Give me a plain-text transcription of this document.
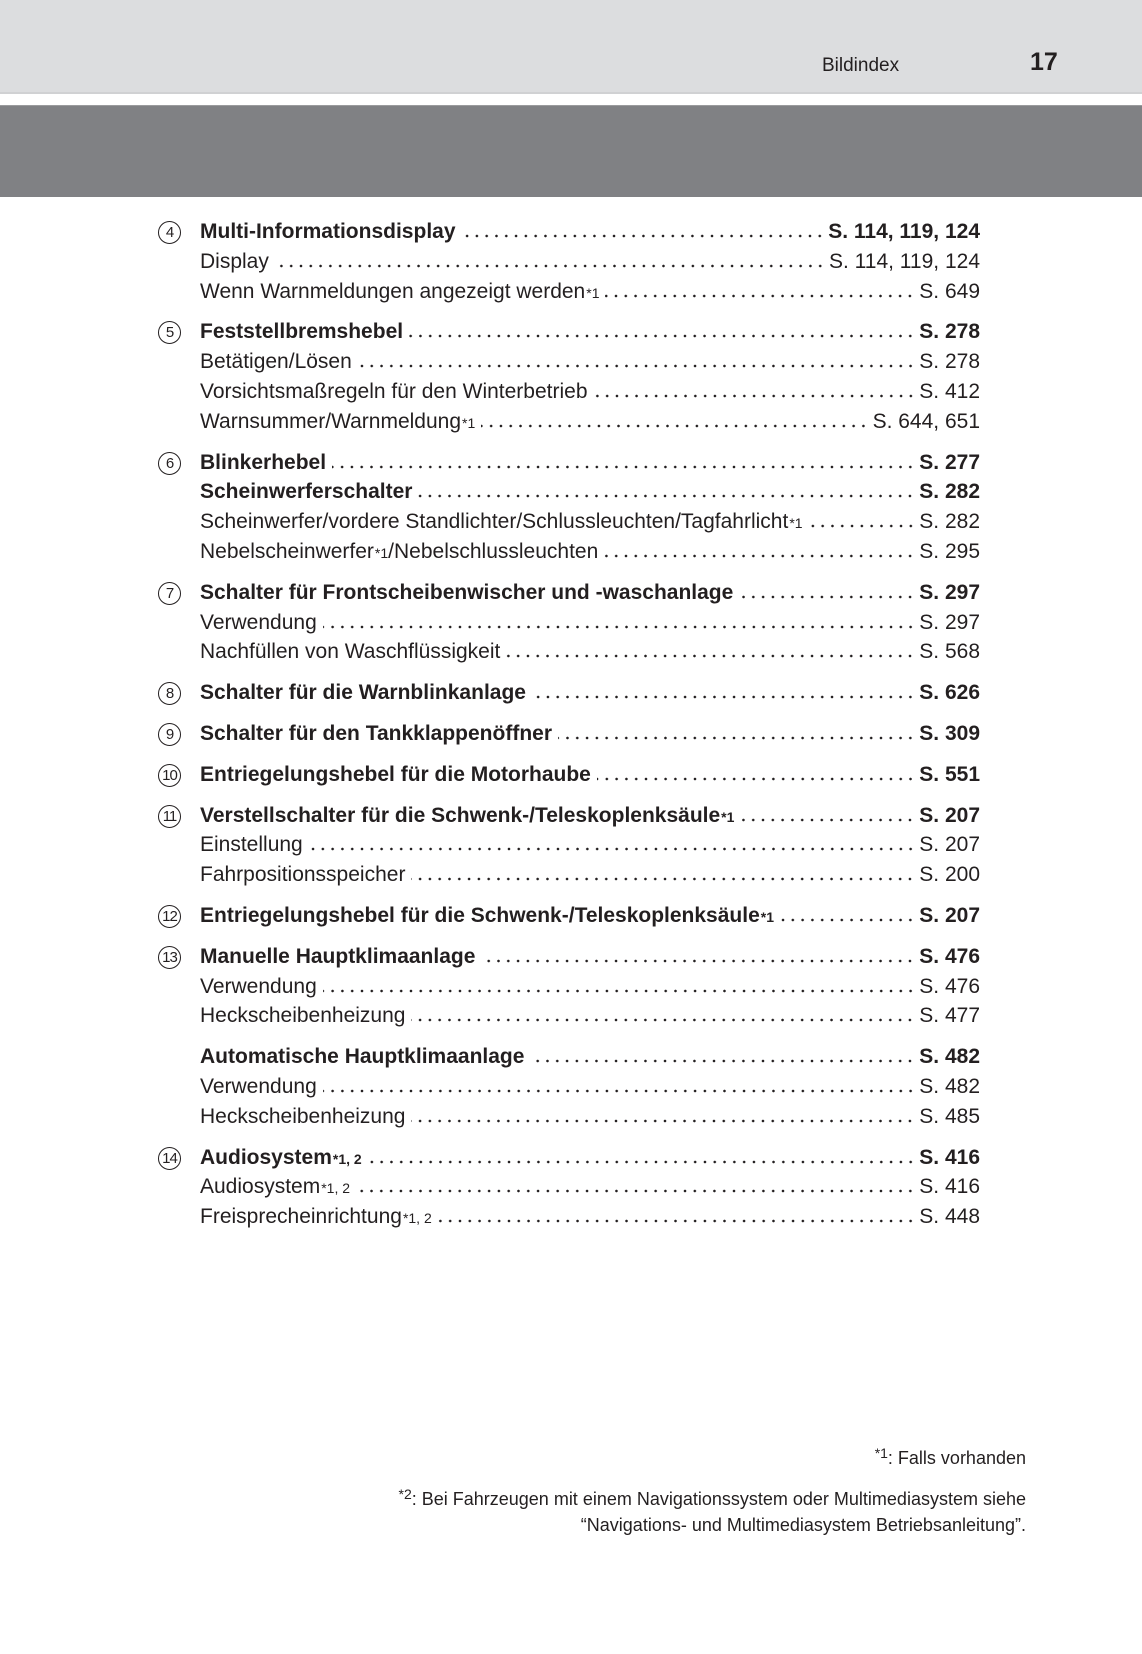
Bildindex	17
4	Multi-Informationsdisplay	S. 114, 119, 124
Display	S. 114, 119, 124
Wenn Warnmeldungen angezeigt werden *1	S. 649
5	Feststellbremshebel	S. 278
Betätigen/Lösen	S. 278
Vorsichtsmaßregeln für den Winterbetrieb	S. 412
Warnsummer/Warnmeldung *1	S. 644, 651
6	Blinkerhebel	S. 277
Scheinwerferschalter	S. 282
Scheinwerfer/vordere Standlichter/Schlussleuchten/Tagfahrlicht *1	S. 282
Nebelscheinwerfer *1 /Nebelschlussleuchten	S. 295
7	Schalter für Frontscheibenwischer und -waschanlage	S. 297
Verwendung	S. 297
Nachfüllen von Waschflüssigkeit	S. 568
8	Schalter für die Warnblinkanlage	S. 626
9	Schalter für den Tankklappenöffner	S. 309
10 Entriegelungshebel für die Motorhaube	S. 551
11 Verstellschalter für die Schwenk-/Teleskoplenksäule *1	S. 207
Einstellung	S. 207
Fahrpositionsspeicher	S. 200
12 Entriegelungshebel für die Schwenk-/Teleskoplenksäule *1	S. 207
13 Manuelle Hauptklimaanlage	S. 476
Verwendung	S. 476
Heckscheibenheizung	S. 477
Automatische Hauptklimaanlage	S. 482
Verwendung	S. 482
Heckscheibenheizung	S. 485
14 Audiosystem *1, 2	S. 416
Audiosystem *1, 2	S. 416
Freisprecheinrichtung *1, 2	S. 448
$^{*1}$: Falls vorhanden
$^{*2}$: Bei Fahrzeugen mit einem Navigationssystem oder Multimediasystem siehe
“Navigations- und Multimediasystem Betriebsanleitung”.
